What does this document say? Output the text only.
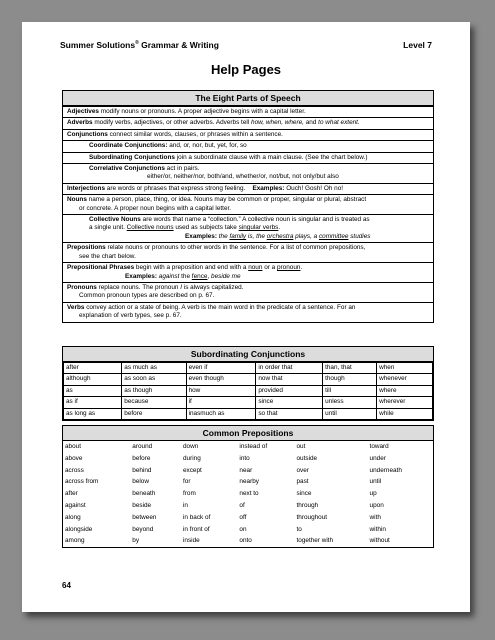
Summer Solutions® Grammar & Writing	Level 7
Help Pages
The Eight Parts of Speech
Adjectives modify nouns or pronouns. A proper adjective begins with a capital letter.
Adverbs modify verbs, adjectives, or other adverbs. Adverbs tell how, when, where, and to what extent.
Conjunctions connect similar words, clauses, or phrases within a sentence.
Coordinate Conjunctions: and, or, nor, but, yet, for, so
Subordinating Conjunctions join a subordinate clause with a main clause. (See the chart below.)
Correlative Conjunctions act in pairs.
either/or, neither/nor, both/and, whether/or, not/but, not only/but also
Interjections are words or phrases that express strong feeling. Examples: Ouch! Gosh! Oh no!
Nouns name a person, place, thing, or idea. Nouns may be common or proper, singular or plural, abstract
or concrete. A proper noun begins with a capital letter.
Collective Nouns are words that name a “collection.” A collective noun is singular and is treated as
a single unit. Collective nouns used as subjects take singular verbs.
Examples: the family is, the orchestra plays, a committee studies
Prepositions relate nouns or pronouns to other words in the sentence. For a list of common prepositions,
see the chart below.
Prepositional Phrases begin with a preposition and end with a noun or a pronoun.
Examples: against the fence, beside me
Pronouns replace nouns. The pronoun I is always capitalized.
Common pronoun types are described on p. 67.
Verbs convey action or a state of being. A verb is the main word in the predicate of a sentence. For an
explanation of verb types, see p. 67.
Subordinating Conjunctions
after	as much as	even if	in order that	than, that	when
although	as soon as	even though	now that	though	whenever
as	as though	how	provided	till	where
as if	because	if	since	unless	wherever
as long as	before	inasmuch as	so that	until	while
Common Prepositions
about	around	down	instead of	out	toward
above	before	during	into	outside	under
across	behind	except	near	over	underneath
across from	below	for	nearby	past	until
after	beneath	from	next to	since	up
against	beside	in	of	through	upon
along	between	in back of	off	throughout	with
alongside	beyond	in front of	on	to	within
among	by	inside	onto	together with	without
64
